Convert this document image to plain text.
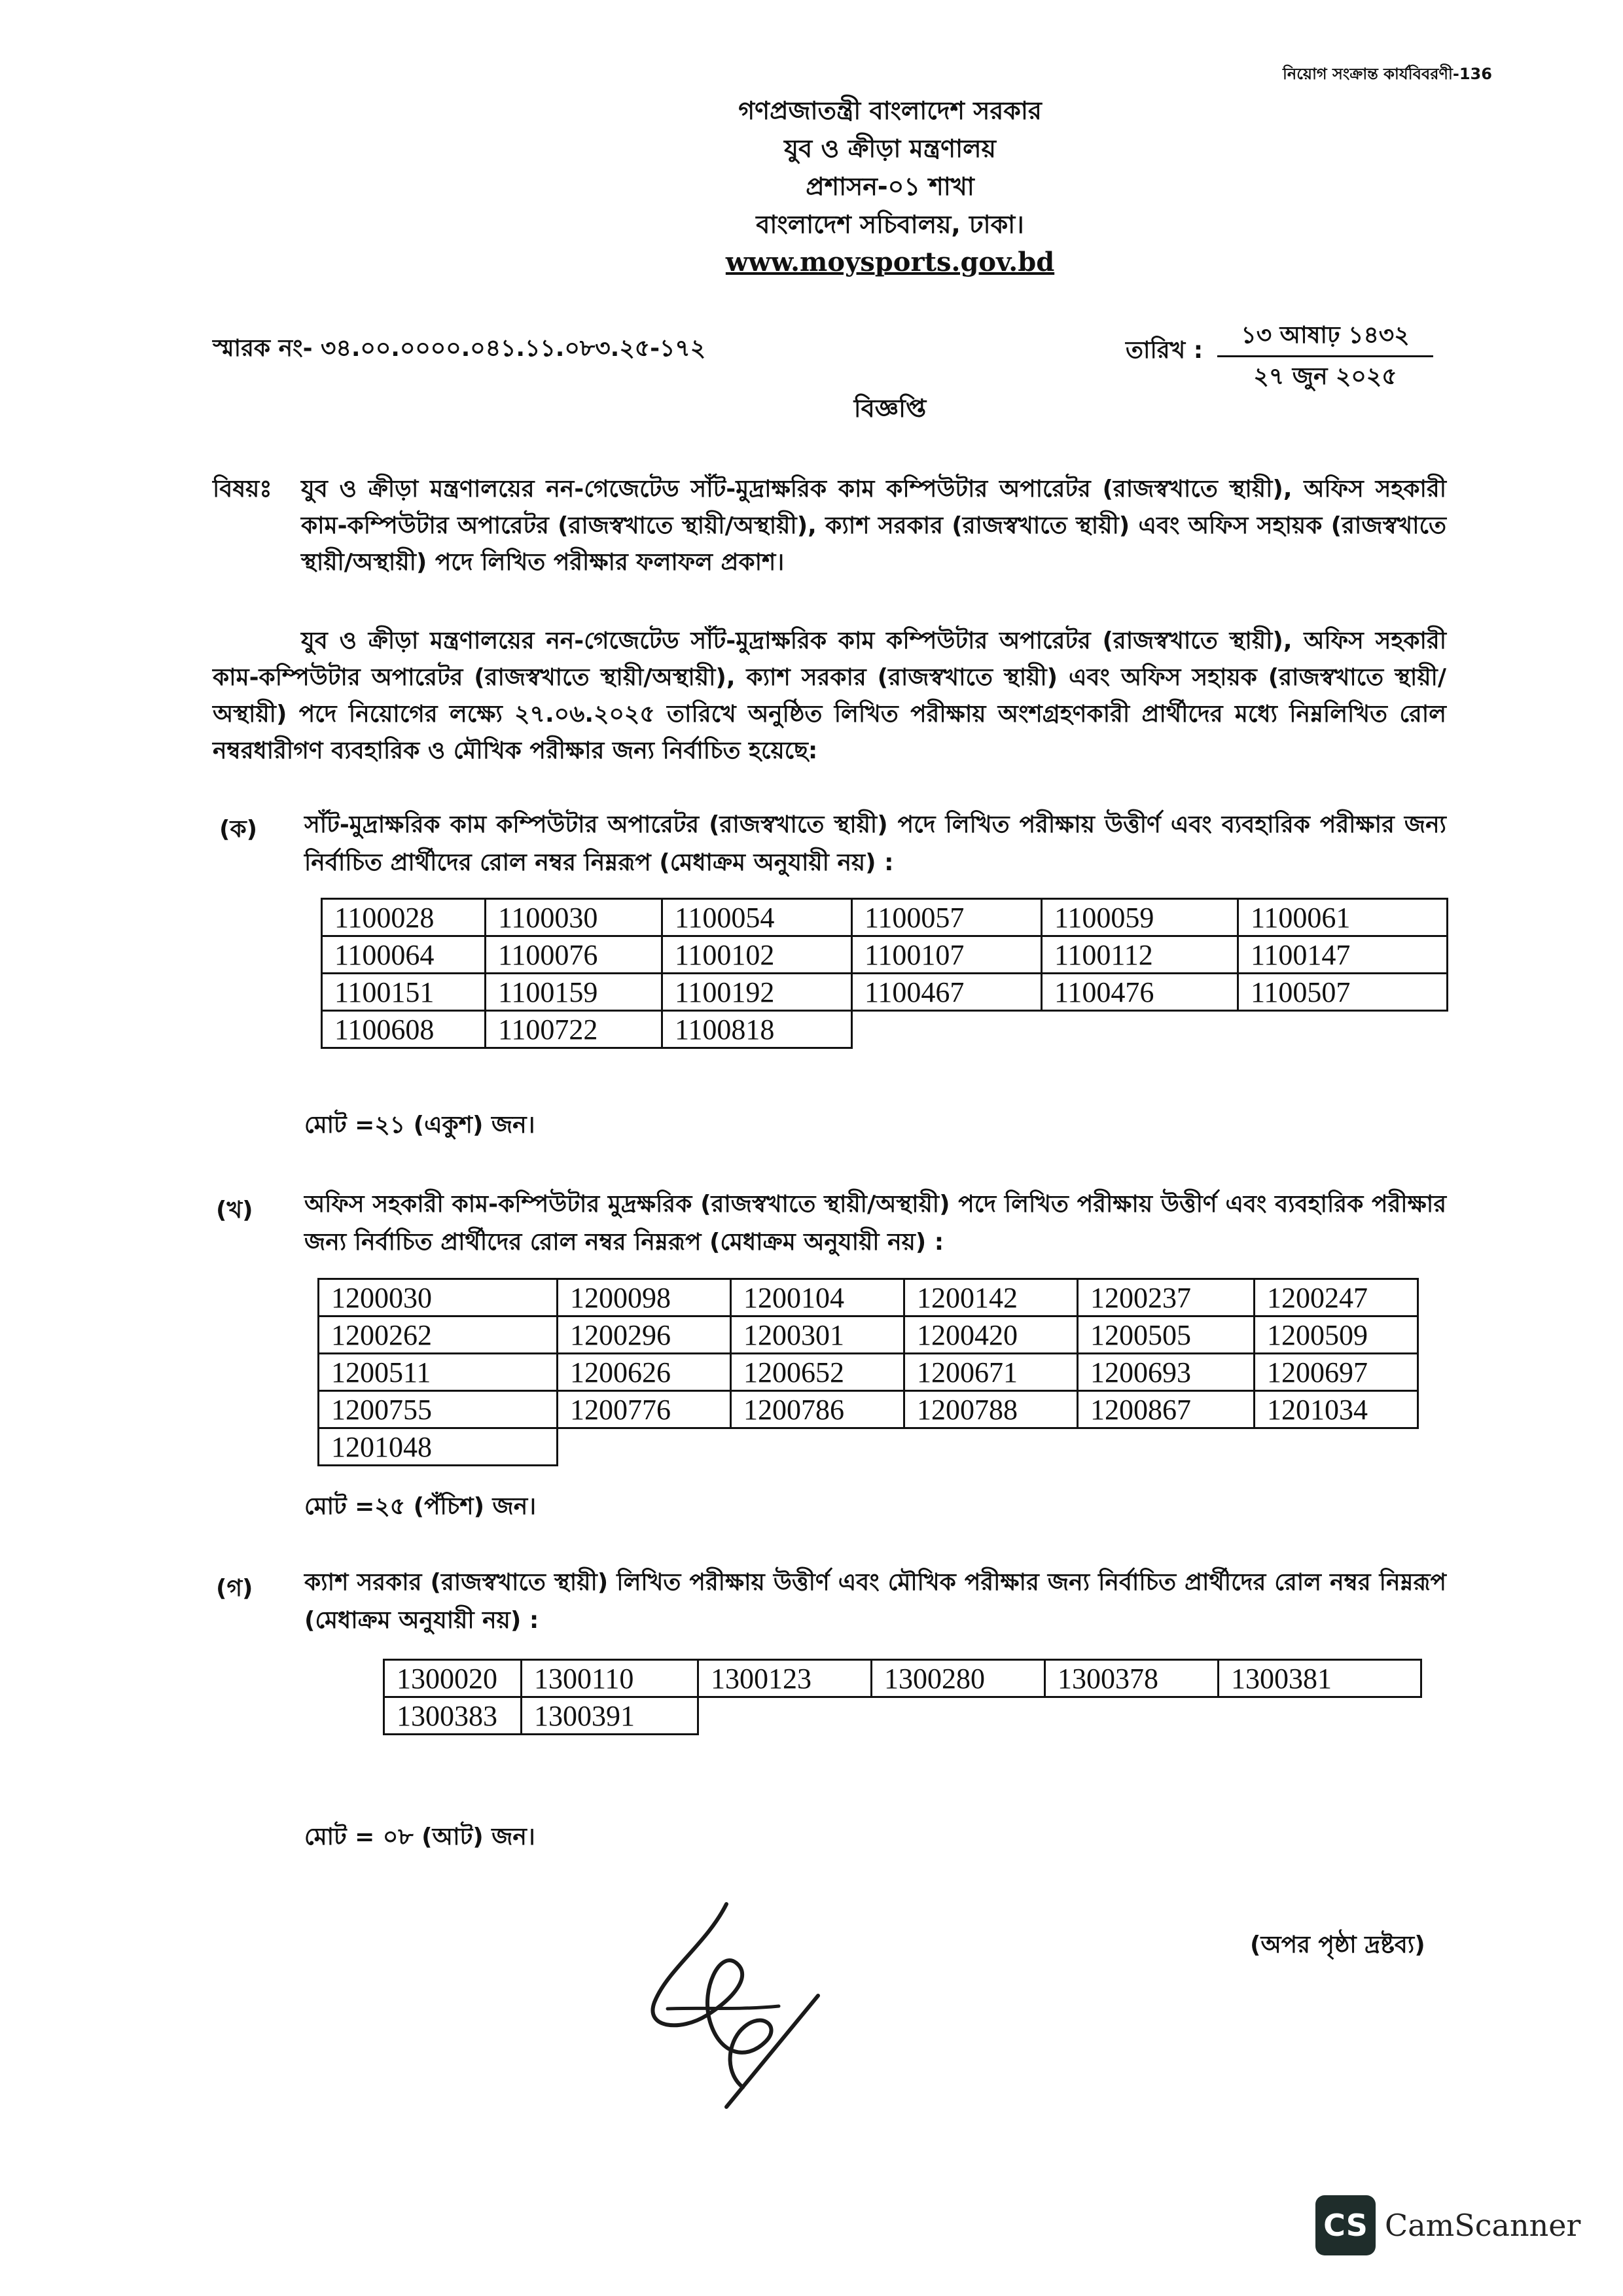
নিয়োগ সংক্রান্ত কার্যবিবরণী-136
গণপ্রজাতন্ত্রী বাংলাদেশ সরকার
যুব ও ক্রীড়া মন্ত্রণালয়
প্রশাসন-০১ শাখা
বাংলাদেশ সচিবালয়, ঢাকা।
www.moysports.gov.bd
স্মারক নং- ৩৪.০০.০০০০.০৪১.১১.০৮৩.২৫-১৭২	তারিখ :
১৩ আষাঢ় ১৪৩২
২৭ জুন ২০২৫
বিজ্ঞপ্তি
বিষয়ঃ যুব ও ক্রীড়া মন্ত্রণালয়ের নন-গেজেটেড সাঁট-মুদ্রাক্ষরিক কাম কম্পিউটার অপারেটর (রাজস্বখাতে স্থায়ী), অফিস সহকারী কাম-কম্পিউটার অপারেটর (রাজস্বখাতে স্থায়ী/অস্থায়ী), ক্যাশ সরকার (রাজস্বখাতে স্থায়ী) এবং অফিস সহায়ক (রাজস্বখাতে স্থায়ী/অস্থায়ী) পদে লিখিত পরীক্ষার ফলাফল প্রকাশ।
যুব ও ক্রীড়া মন্ত্রণালয়ের নন-গেজেটেড সাঁট-মুদ্রাক্ষরিক কাম কম্পিউটার অপারেটর (রাজস্বখাতে স্থায়ী), অফিস সহকারী কাম-কম্পিউটার অপারেটর (রাজস্বখাতে স্থায়ী/অস্থায়ী), ক্যাশ সরকার (রাজস্বখাতে স্থায়ী) এবং অফিস সহায়ক (রাজস্বখাতে স্থায়ী/অস্থায়ী) পদে নিয়োগের লক্ষ্যে ২৭.০৬.২০২৫ তারিখে অনুষ্ঠিত লিখিত পরীক্ষায় অংশগ্রহণকারী প্রার্থীদের মধ্যে নিম্নলিখিত রোল নম্বরধারীগণ ব্যবহারিক ও মৌখিক পরীক্ষার জন্য নির্বাচিত হয়েছে:
(ক) সাঁট-মুদ্রাক্ষরিক কাম কম্পিউটার অপারেটর (রাজস্বখাতে স্থায়ী) পদে লিখিত পরীক্ষায় উত্তীর্ণ এবং ব্যবহারিক পরীক্ষার জন্য নির্বাচিত প্রার্থীদের রোল নম্বর নিম্নরূপ (মেধাক্রম অনুযায়ী নয়) :
1100028	1100030	1100054	1100057	1100059	1100061
1100064	1100076	1100102	1100107	1100112	1100147
1100151	1100159	1100192	1100467	1100476	1100507
1100608	1100722	1100818			
মোট =২১ (একুশ) জন।
(খ) অফিস সহকারী কাম-কম্পিউটার মুদ্রক্ষরিক (রাজস্বখাতে স্থায়ী/অস্থায়ী) পদে লিখিত পরীক্ষায় উত্তীর্ণ এবং ব্যবহারিক পরীক্ষার জন্য নির্বাচিত প্রার্থীদের রোল নম্বর নিম্নরূপ (মেধাক্রম অনুযায়ী নয়) :
1200030	1200098	1200104	1200142	1200237	1200247
1200262	1200296	1200301	1200420	1200505	1200509
1200511	1200626	1200652	1200671	1200693	1200697
1200755	1200776	1200786	1200788	1200867	1201034
1201048					
মোট =২৫ (পঁচিশ) জন।
(গ) ক্যাশ সরকার (রাজস্বখাতে স্থায়ী) লিখিত পরীক্ষায় উত্তীর্ণ এবং মৌখিক পরীক্ষার জন্য নির্বাচিত প্রার্থীদের রোল নম্বর নিম্নরূপ (মেধাক্রম অনুযায়ী নয়) :
1300020	1300110	1300123	1300280	1300378	1300381
1300383	1300391				
মোট = ০৮ (আট) জন।
(অপর পৃষ্ঠা দ্রষ্টব্য)
CS CamScanner
